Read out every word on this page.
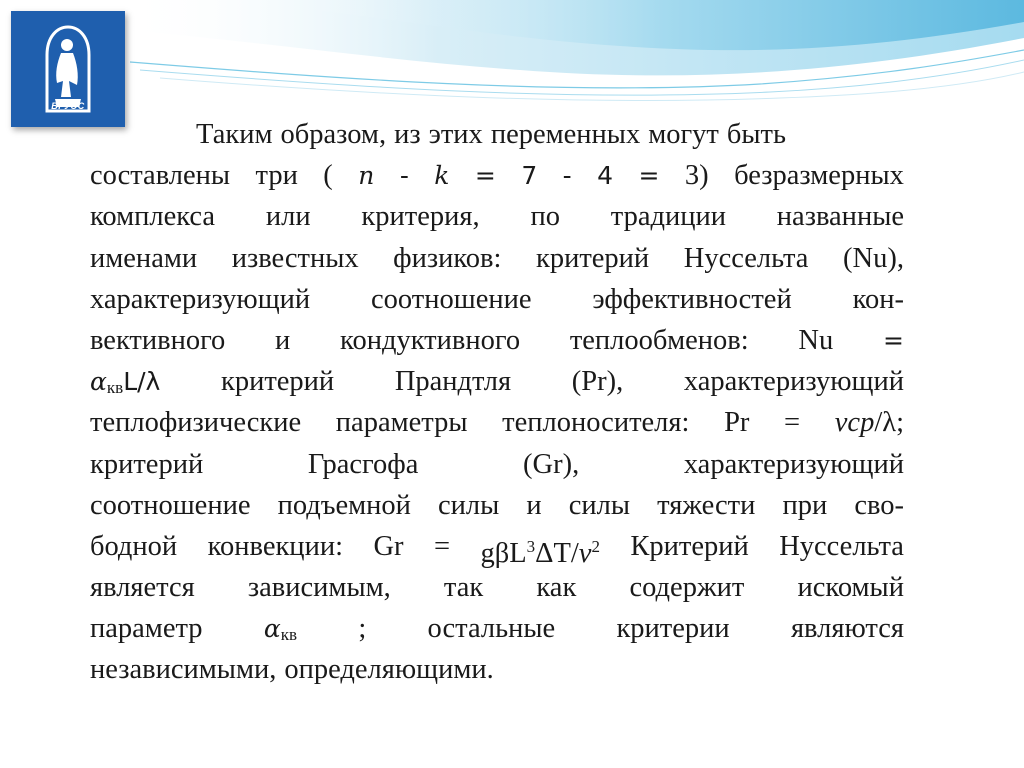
ВГУЭС
Таким образом, из этих переменных могут быть
составлены три ( n - k = 7 - 4 = 3) безразмерных
комплекса или критерия, по традиции названные
именами известных физиков: критерий Нуссельта (Nu),
характеризующий соотношение эффективностей кон-
вективного и кондуктивного теплообменов: Nu =
αквL/λ критерий Прандтля (Pr), характеризующий
теплофизические параметры теплоносителя: Pr = νcp/λ;
критерий	Грасгофа	(Gr),	характеризующий
соотношение подъемной силы и силы тяжести при сво-
бодной конвекции: $Gr = g\beta L^3\Delta T/\nu^2$ Критерий Нуссельта
является зависимым, так как содержит искомый
параметр αкв ; остальные критерии являются
независимыми, определяющими.
